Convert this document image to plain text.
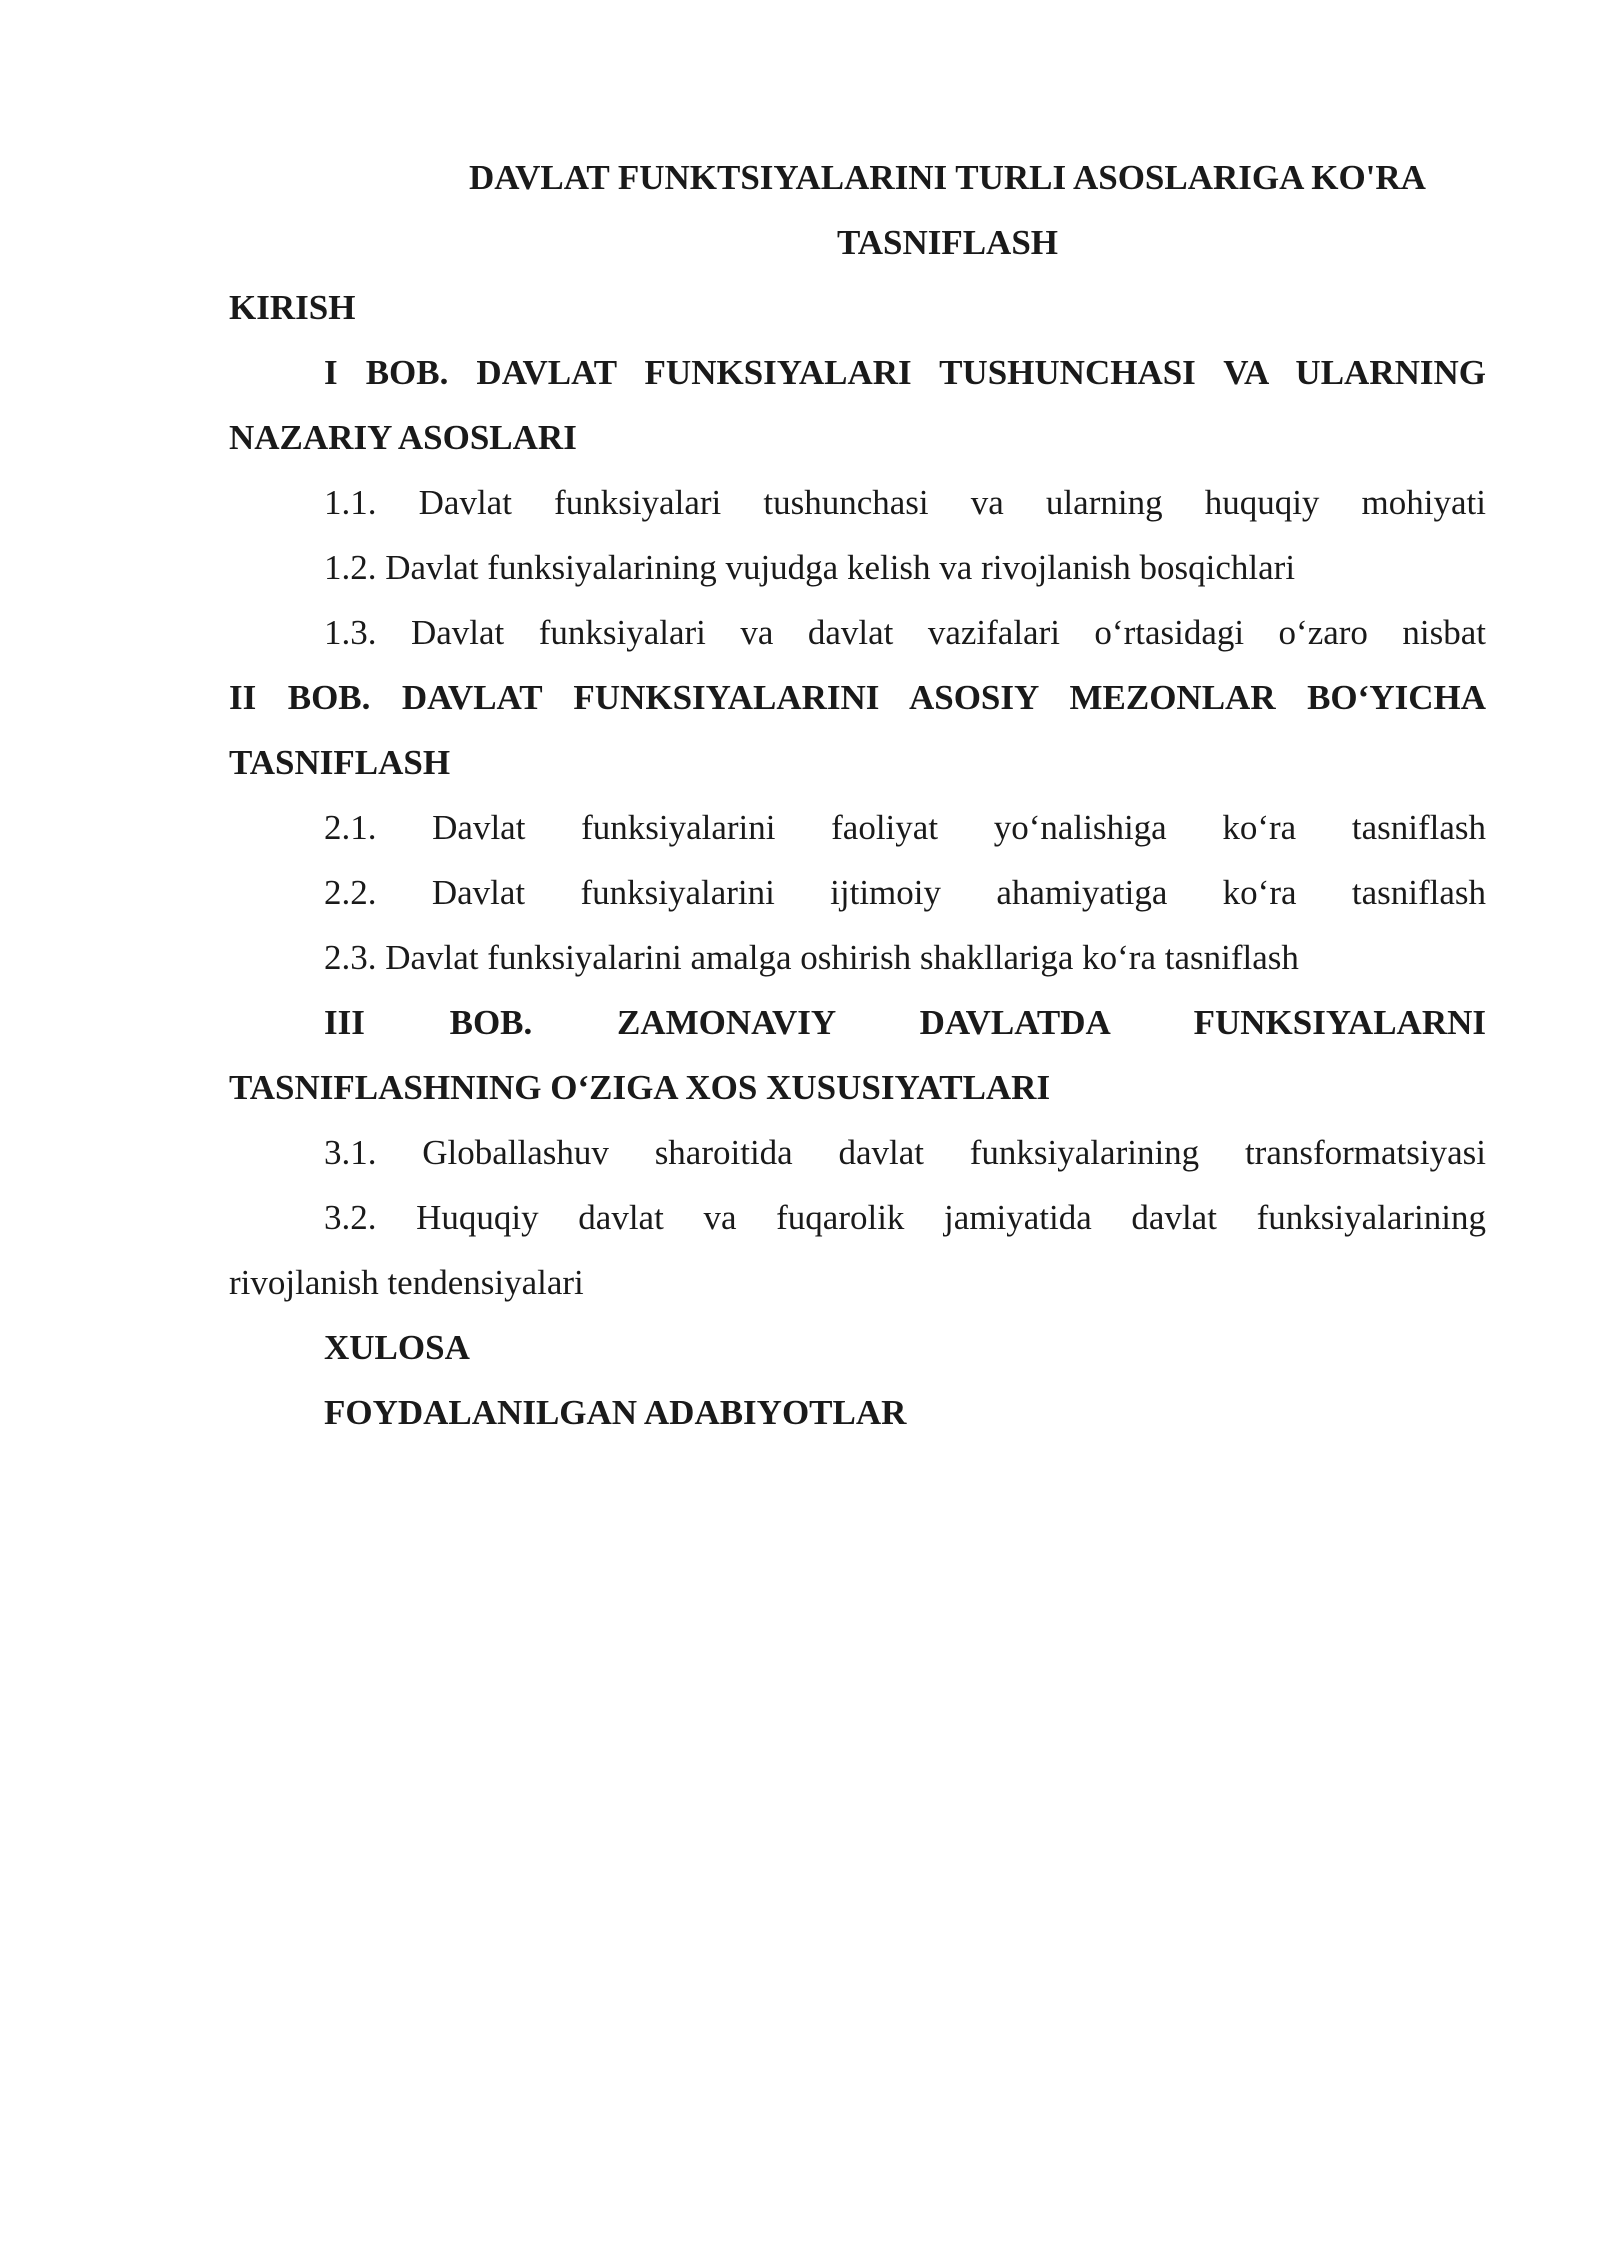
DAVLAT FUNKTSIYALARINI TURLI ASOSLARIGA KO'RA

TASNIFLASH

KIRISH

I BOB. DAVLAT FUNKSIYALARI TUSHUNCHASI VA ULARNING

NAZARIY ASOSLARI

1.1. Davlat funksiyalari tushunchasi va ularning huquqiy mohiyati

1.2. Davlat funksiyalarining vujudga kelish va rivojlanish bosqichlari

1.3. Davlat funksiyalari va davlat vazifalari o‘rtasidagi o‘zaro nisbat

II BOB. DAVLAT FUNKSIYALARINI ASOSIY MEZONLAR BO‘YICHA

TASNIFLASH

2.1. Davlat funksiyalarini faoliyat yo‘nalishiga ko‘ra tasniflash

2.2. Davlat funksiyalarini ijtimoiy ahamiyatiga ko‘ra tasniflash

2.3. Davlat funksiyalarini amalga oshirish shakllariga ko‘ra tasniflash

III BOB. ZAMONAVIY DAVLATDA FUNKSIYALARNI

TASNIFLASHNING O‘ZIGA XOS XUSUSIYATLARI

3.1. Globallashuv sharoitida davlat funksiyalarining transformatsiyasi

3.2. Huquqiy davlat va fuqarolik jamiyatida davlat funksiyalarining

rivojlanish tendensiyalari

XULOSA

FOYDALANILGAN ADABIYOTLAR
